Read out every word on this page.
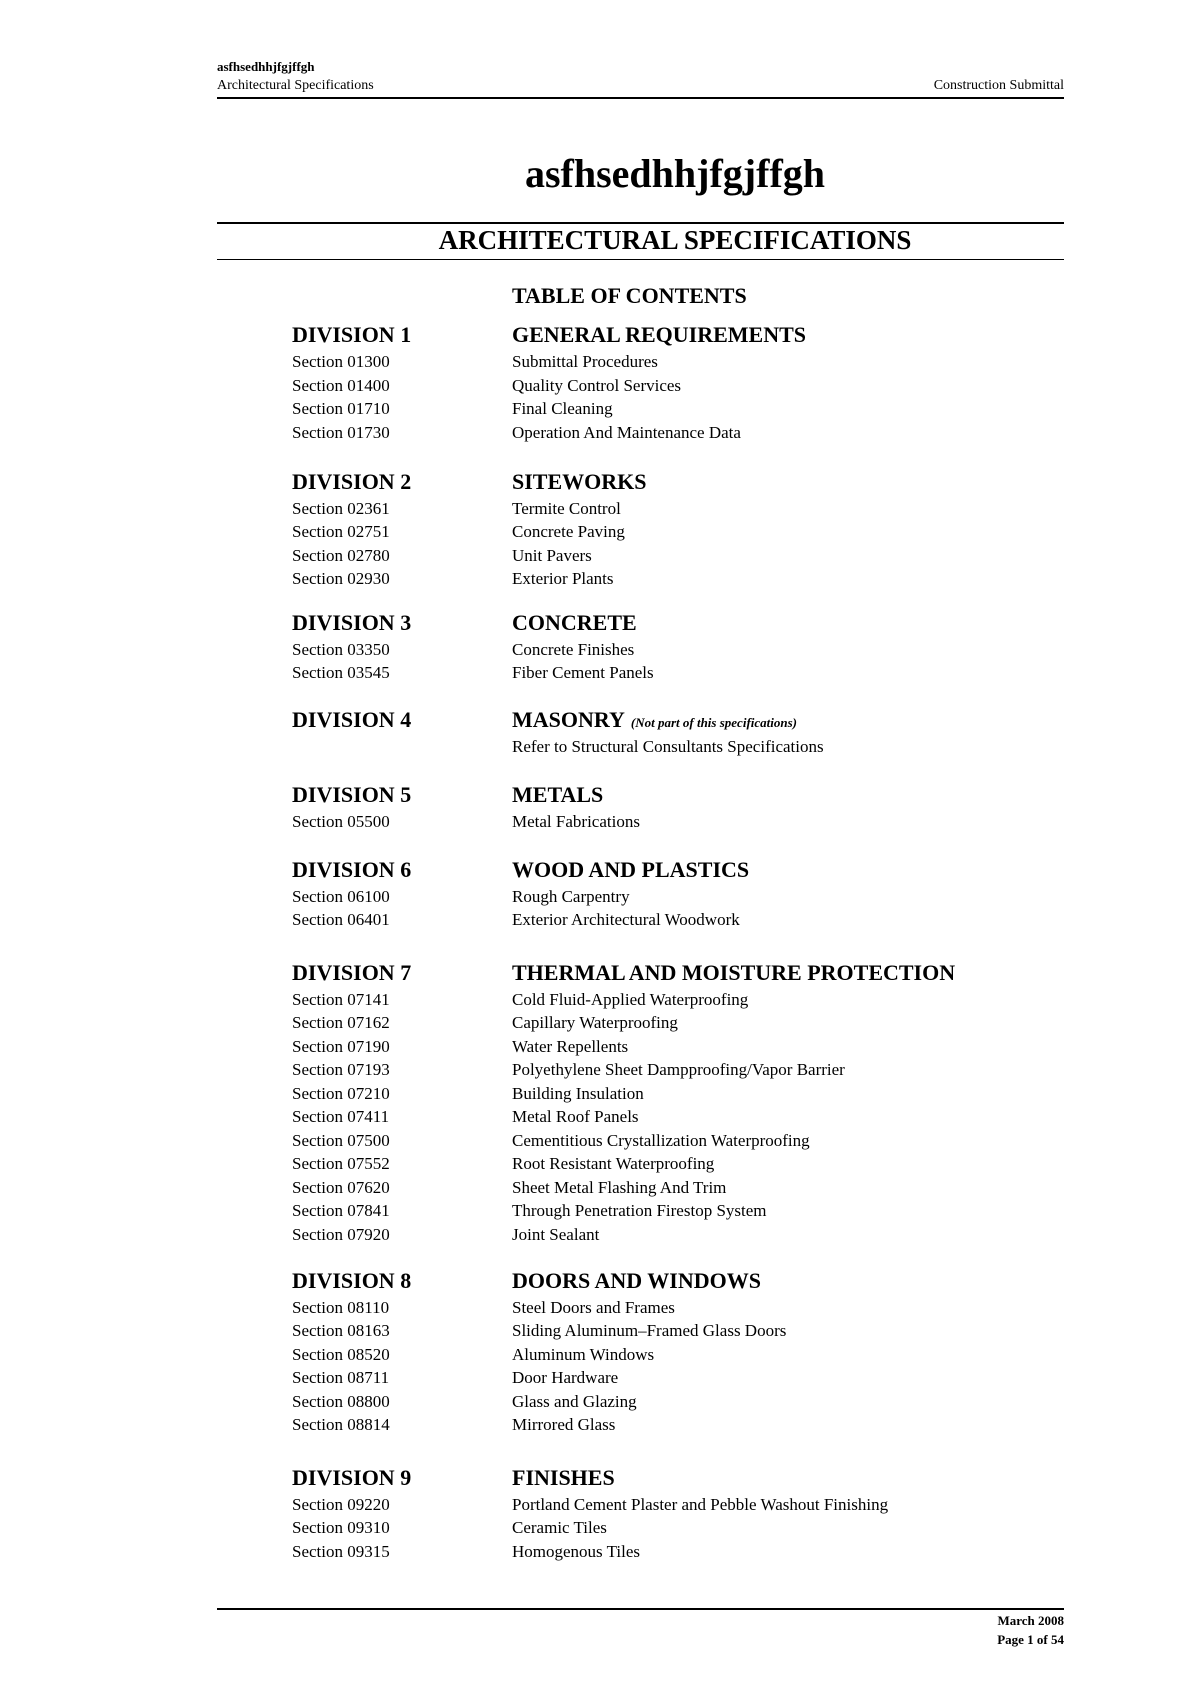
asfhsedhhjfgjffgh
Architectural Specifications	Construction Submittal
asfhsedhhjfgjffgh
ARCHITECTURAL SPECIFICATIONS
TABLE OF CONTENTS
DIVISION 1	GENERAL REQUIREMENTS
Section 01300	Submittal Procedures
Section 01400	Quality Control Services
Section 01710	Final Cleaning
Section 01730	Operation And Maintenance Data
DIVISION 2	SITEWORKS
Section 02361	Termite Control
Section 02751	Concrete Paving
Section 02780	Unit Pavers
Section 02930	Exterior Plants
DIVISION 3	CONCRETE
Section 03350	Concrete Finishes
Section 03545	Fiber Cement Panels
DIVISION 4	MASONRY (Not part of this specifications)
Refer to Structural Consultants Specifications
DIVISION 5	METALS
Section 05500	Metal Fabrications
DIVISION 6	WOOD AND PLASTICS
Section 06100	Rough Carpentry
Section 06401	Exterior Architectural Woodwork
DIVISION 7	THERMAL AND MOISTURE PROTECTION
Section 07141	Cold Fluid-Applied Waterproofing
Section 07162	Capillary Waterproofing
Section 07190	Water Repellents
Section 07193	Polyethylene Sheet Dampproofing/Vapor Barrier
Section 07210	Building Insulation
Section 07411	Metal Roof Panels
Section 07500	Cementitious Crystallization Waterproofing
Section 07552	Root Resistant Waterproofing
Section 07620	Sheet Metal Flashing And Trim
Section 07841	Through Penetration Firestop System
Section 07920	Joint Sealant
DIVISION 8	DOORS AND WINDOWS
Section 08110	Steel Doors and Frames
Section 08163	Sliding Aluminum–Framed Glass Doors
Section 08520	Aluminum Windows
Section 08711	Door Hardware
Section 08800	Glass and Glazing
Section 08814	Mirrored Glass
DIVISION 9	FINISHES
Section 09220	Portland Cement Plaster and Pebble Washout Finishing
Section 09310	Ceramic Tiles
Section 09315	Homogenous Tiles
March 2008
Page 1 of 54
